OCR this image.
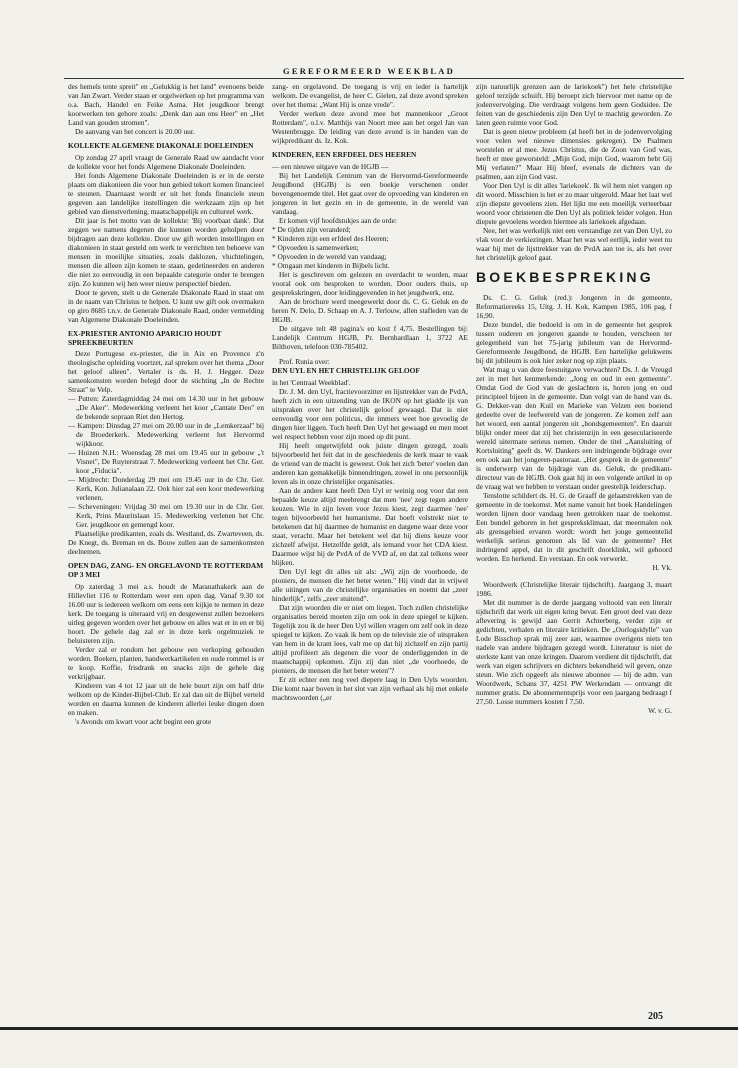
GEREFORMEERD WEEKBLAD

des hemels tente spreit" en „Gelukkig is het land" evenoens beide van Jan Zwart. Verder staan er orgelwerken op het programma van o.a. Bach, Handel en Feike Asma. Het jeugdkoor brengt koorwerken ten gehore zoals: „Denk dan aan ons Heer" en „Het Land van gouden stromen".

De aanvang van het concert is 20.00 uur.

KOLLEKTE ALGEMENE DIAKONALE DOELEINDEN

Op zondag 27 april vraagt de Generale Raad uw aandacht voor de kollekte voor het fonds Algemene Diakonale Doeleinden.

Het fonds Algemene Diakonale Doeleinden is er in de eerste plaats om diakonieen die voor hun gebied tekort komen financieel te steunen. Daarnaast wordt er uit het fonds financiele steun gegeven aan landelijke instellingen die werkzaam zijn op het gebied van dienstverlening, maatschappelijk en cultureel werk.

Dit jaar is het motto van de kollekte: 'Bij voorbaat dank'. Dat zeggen we namens degenen die kunnen worden geholpen door bijdragen aan deze kollekte. Door uw gift worden instellingen en diakonieen in staat gesteld om werk te verrichten ten behoeve van mensen in moeilijke situaties, zoals daklozen, vluchtelingen, mensen die alleen zijn komen te staan, gedetineerden en anderen die niet zo eenvoudig in een bepaalde categorie onder te brengen zijn. Zo kunnen wij hen weer nieuw perspectief bieden.

Door te geven, stelt u de Generale Diakonale Raad in staat om in de naam van Christus te helpen. U kunt uw gift ook overmaken op giro 8685 t.n.v. de Generale Diakonale Raad, onder vermelding van Algemene Diakonale Doeleinden.

EX-PRIESTER ANTONIO APARICIO HOUDT SPREEKBEURTEN

Deze Portugese ex-priester, die in Aix en Provence z'n theologische opleiding voortzet, zal spreken over het thema „Door het geloof alleen". Vertaler is ds. H. J. Hegger. Deze samenkomsten worden belegd door de stichting „In de Rechte Straat" te Velp.

— Putten: Zaterdagmiddag 24 mei om 14.30 uur in het gebouw „De Aker". Medewerking verleent het koor „Cantate Deo" en de bekende sopraan Riet den Hertog.
— Kampen: Dinsdag 27 mei om 20.00 uur in de „Lemkerzaal" bij de Broederkerk. Medewerking verleent het Hervormd wijkkoor.
— Huizen N.H.: Woensdag 28 mei om 19.45 uur in gebouw „'t Visnet", De Ruyterstraat 7. Medewerking verleent het Chr. Ger. koor „Fiducia".
— Mijdrecht: Donderdag 29 mei om 19.45 uur in de Chr. Ger. Kerk, Kon. Julianalaan 22. Ook hier zal een koor medewerking verlenen.
— Scheveningen: Vrijdag 30 mei om 19.30 uur in de Chr. Ger. Kerk, Prins Mauritslaan 15. Medewerking verlenen het Chr. Ger. jeugdkoor en gemengd koor.

Plaatselijke predikanten, zoals ds. Westland, ds. Zwarteveen, ds. De Knegt, ds. Breman en ds. Bouw zullen aan de samenkomsten deelnemen.

OPEN DAG, ZANG- EN ORGELAVOND TE ROTTERDAM OP 3 MEI

Op zaterdag 3 mei a.s. houdt de Maranathakerk aan de Hillevliet 116 te Rotterdam weer een open dag. Vanaf 9.30 tot 16.00 uur is iedereen welkom om eens een kijkje te nemen in deze kerk. De toegang is uiteraard vrij en desgewenst zullen bezoekers uitleg gegeven worden over het gebouw en alles wat er in en er bij hoort. De gehele dag zal er in deze kerk orgelmuziek te beluisteren zijn.

Verder zal er rondom het gebouw een verkoping gehouden worden. Boeken, planten, handwerkartikelen en oude rommel is er te koop. Koffie, frisdrank en snacks zijn de gehele dag verkrijgbaar.

Kinderen van 4 tot 12 jaar uit de hele buurt zijn om half drie welkom op de Kinder-Bijbel-Club. Er zal dan uit de Bijbel verteld worden en daarna kunnen de kinderen allerlei leuke dingen doen en maken.

's Avonds om kwart voor acht begint een grote

zang- en orgelavond. De toegang is vrij en ieder is hartelijk welkom. De evangelist, de heer C. Gielen, zal deze avond spreken over het thema: „Want Hij is onze vrede".

Verder werken deze avond mee het mannenkoor „Groot Rotterdam", o.l.v. Matthijs van Noort mee aan het orgel Jan van Westenbrugge. De leiding van deze avond is in handen van de wijkpredikant ds. Iz. Kok.

KINDEREN, EEN ERFDEEL DES HEEREN

— een nieuwe uitgave van de HGJB —

Bij het Landelijk Centrum van de Hervormd-Gereformeerde Jeugdbond (HGJB) is een boekje verschenen onder bovengenoemde titel. Het gaat over de opvoeding van kinderen en jongeren in het gezin en in de gemeente, in de wereld van vandaag.

Er komen vijf hoofdstukjes aan de orde:

* De tijden zijn veranderd;
* Kinderen zijn een erfdeel des Heeren;
* Opvoeden is samenwerken;
* Opvoeden in de wereld van vandaag;
* Omgaan met kinderen in Bijbels licht.

Het is geschreven om gelezen en overdacht te worden, maar vooral ook om besproken te worden. Door ouders thuis, op gesprekskringen, door leidinggevenden in het jeugdwerk, enz.

Aan de brochure werd meegewerkt door ds. C. G. Geluk en de heren N. Delo, D. Schaap en A. J. Terlouw, allen stafleden van de HGJB.

De uitgave telt 48 pagina's en kost f 4,75. Bestellingen bij: Landelijk Centrum HGJB, Pr. Bernhardlaan 1, 3722 AE Bilthoven, telefoon 030-785402.

Prof. Runia over:

DEN UYL EN HET CHRISTELIJK GELOOF

in het 'Centraal Weekblad'.

Dr. J. M. den Uyl, fractievoorzitter en lijsttrekker van de PvdA, heeft zich in een uitzending van de IKON op het gladde ijs van uitspraken over het christelijk geloof gewaagd. Dat is niet eenvoudig voor een politicus, die immers weet hoe gevoelig de dingen hier liggen. Toch heeft Den Uyl het gewaagd en men moet wel respect hebben voor zijn moed op dit punt.

Hij heeft ongetwijfeld ook juiste dingen gezegd, zoals bijvoorbeeld het feit dat in de geschiedenis de kerk maar te vaak de vriend van de macht is geweest. Ook het zich 'beter' voelen dan anderen kan gemakkelijk binnendringen, zowel in ons persoonlijk leven als in onze christelijke organisaties.

Aan de andere kant heeft Den Uyl er weinig oog voor dat een bepaalde keuze altijd meebrengt dat men 'nee' zegt tegen andere keuzen. Wie in zijn leven voor Jezus kiest, zegt daarmee 'nee' tegen bijvoorbeeld het humanisme. Dat hoeft volstrekt niet te betekenen dat hij daarmee de humanist en datgene waar deze voor staat, veracht. Maar het betekent wel dat hij diens keuze voor zichzelf afwijst. Hetzelfde geldt, als iemand voor het CDA kiest. Daarmee wijst hij de PvdA of de VVD af, en dat zal telkens weer blijken.

Den Uyl legt dit alles uit als: „Wij zijn de voorhoede, de pioniers, de mensen die het beter weten." Hij vindt dat in vrijwel alle uitingen van de christelijke organisaties en noemt dat „zeer hinderlijk", zelfs „zeer stuitend".

Dat zijn woorden die er niet om liegen. Toch zullen christelijke organisaties bereid moeten zijn om ook in deze spiegel te kijken. Tegelijk zou ik de heer Den Uyl willen vragen om zelf ook in deze spiegel te kijken. Zo vaak ik hem op de televisie zie of uitspraken van hem in de krant lees, valt me op dat hij zichzelf en zijn partij altijd profileert als degenen die voor de onderliggenden in de maatschappij opkomen. Zijn zij dan niet „de voorhoede, de pioniers, de mensen die het beter weten"?

Er zit echter een nog veel diepere laag in Den Uyls woorden. Die komt naar boven in het slot van zijn verhaal als hij met enkele machtswoorden („er

zijn natuurlijk grenzen aan de lariekoek") het hele christelijke geloof terzijde schuift. Hij beroept zich hiervoor met name op de jodenvervolging. Die verdraagt volgens hem geen Godsidee. De feiten van de geschiedenis zijn Den Uyl te machtig geworden. Ze laten geen ruimte voor God.

Dat is geen nieuw probleem (al heeft het in de jodenvervolging voor velen wel nieuwe dimensies gekregen). De Psalmen worstelen er al mee. Jezus Christus, die de Zoon van God was, heeft er mee geworsteld: „Mijn God, mijn God, waarom hebt Gij Mij verlaten?" Maar Hij bleef, evenals de dichters van de psalmen, aan zijn God vast.

Voor Den Uyl is dit alles 'lariekoek'. Ik wil hem niet vangen op dit woord. Misschien is het er zo maar uitgerold. Maar het laat wel zijn diepste gevoelens zien. Het lijkt me een moeilijk verteerbaar woord voor christenen die Den Uyl als politiek leider volgen. Hun diepste gevoelens worden hiermee als lariekoek afgedaan.

Nee, het was werkelijk niet een verstandige zet van Den Uyl, zo vlak voor de verkiezingen. Maar het was wel eerlijk, ieder weet nu waar hij met de lijsttrekker van de PvdA aan toe is, als het over het christelijk geloof gaat.

BOEKBESPREKING

Ds. C. G. Geluk (red.): Jongeren in de gemeente, Reformatiereeks 15, Uitg. J. H. Kok, Kampen 1985, 106 pag. f 16,90.

Deze bundel, die bedoeld is om in de gemeente het gesprek tussen ouderen en jongeren gaande te houden, verscheen ter gelegenheid van het 75-jarig jubileum van de Hervormd-Gereformeerde Jeugdbond, de HGJB. Een hartelijke gelukwens bij dit jubileum is ook hier zeker nog op zijn plaats.

Wat mag u van deze feestuitgave verwachten? Ds. J. de Vreugd zet in met het kenmerkende: „Jong en oud in een gemeente". Omdat God de God van de geslachten is, horen jong en oud principieel bijeen in de gemeente. Dan volgt van de hand van ds. G. Dekker-van den Kuil en Marieke van Velzen een boeiend gedeelte over de leefwereld van de jongeren. Ze komen zelf aan het woord, een aantal jongeren uit „bondsgemeenten". En daaruit blijkt onder meer dat zij het christenzijn in een geseculariseerde wereld uitermate serieus nemen. Onder de titel „Aansluiting of Kortsluiting" geeft ds. W. Dankers een indringende bijdrage over een ook aan het jongeren-pastoraat. „Het gesprek in de gemeente" is onderwerp van de bijdrage van ds. Geluk, de predikant-directeur van de HGJB. Ook gaat hij in een volgende artikel in op de vraag wat we hebben te verstaan onder geestelijk leiderschap.

Tenslotte schildert ds. H. G. de Graaff de gelaatstrekken van de gemeente in de toekomst. Met name vanuit het boek Handelingen worden lijnen door vandaag heen getrokken naar de toekomst. Een bundel geboren in het gespreksklimaat, dat meermalen ook als grensgebied ervaren wordt: wordt het jonge gemeentelid werkelijk serieus genomen als lid van de gemeente? Het indringend appel, dat in dit geschrift doorklinkt, wil gehoord worden. En herkend. En verstaan. En ook verwerkt.

H. Vk.

Woordwerk (Christelijke literair tijdschrift). Jaargang 3, maart 1986.

Met dit nummer is de derde jaargang voltooid van een literair tijdschrift dat werk uit eigen kring bevat. Een groot deel van deze aflevering is gewijd aan Gerrit Achterberg, verder zijn er gedichten, verhalen en literaire kritieken. De „Oorlogsidylle" van Lode Bisschop sprak mij zeer aan, waarmee overigens niets ten nadele van andere bijdragen gezegd wordt. Literatuur is niet de sterkste kant van onze kringen. Daarom verdient dit tijdschrift, dat werk van eigen schrijvers en dichters bekendheid wil geven, onze steun. Wie zich opgeeft als nieuwe abonnee — bij de adm. van Woordwerk, Schans 37, 4251 PW Werkendam — ontvangt dit nummer gratis. De abonnementsprijs voor een jaargang bedraagt f 27,50. Losse nummers kosten f 7,50.

W. v. G.

205
